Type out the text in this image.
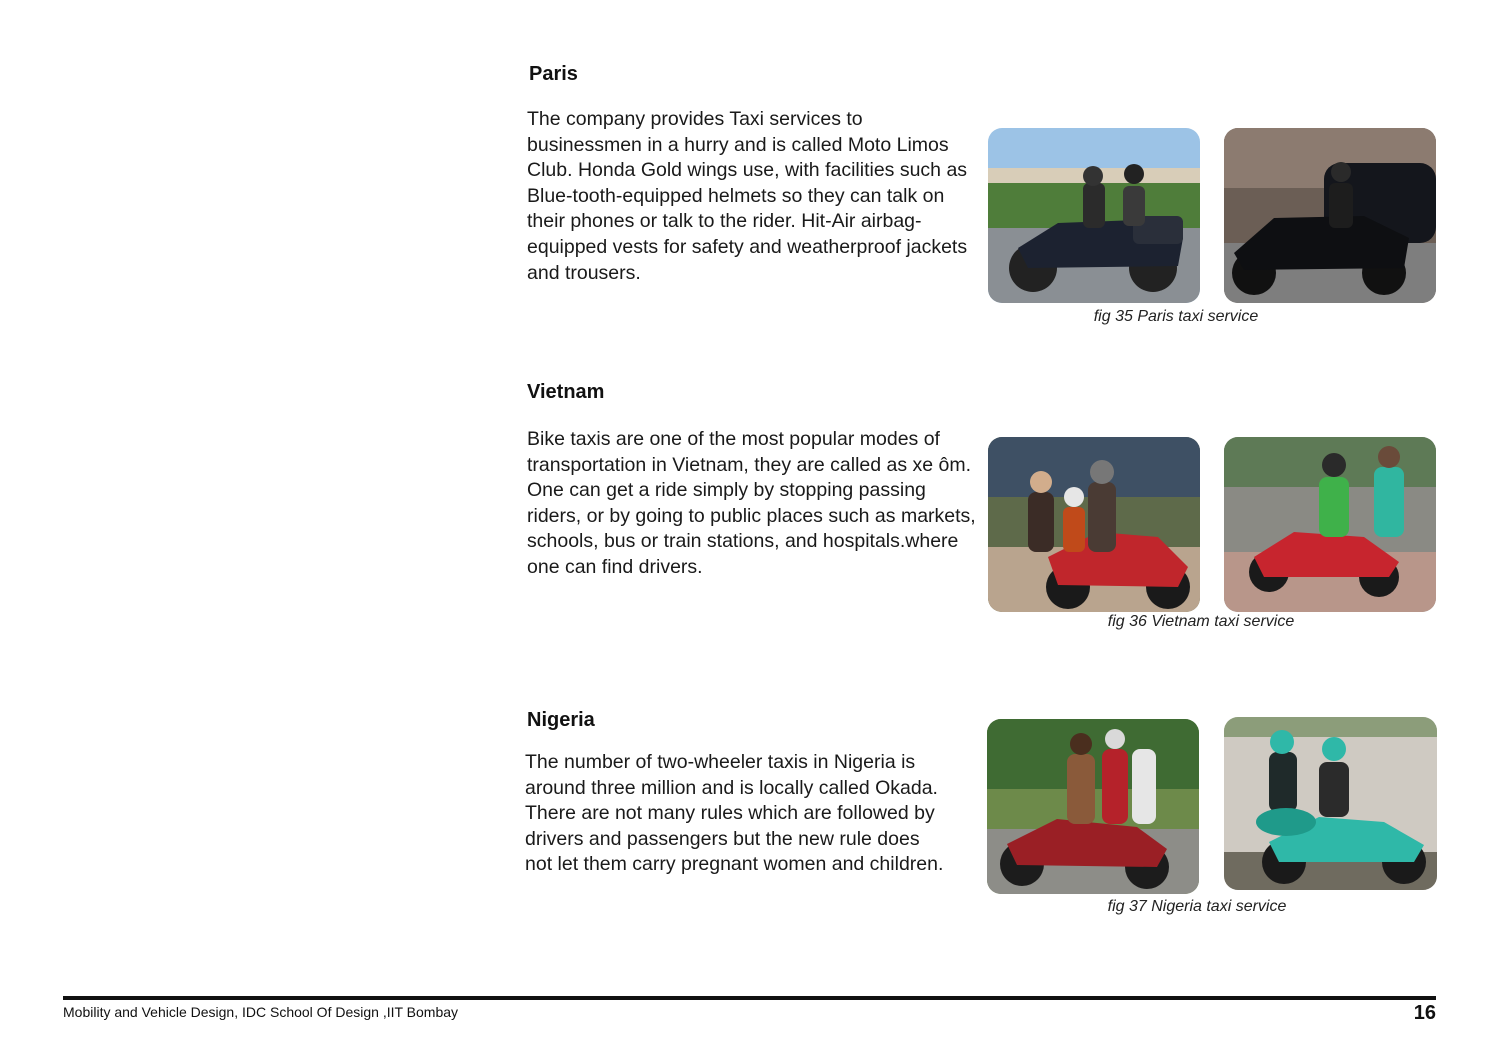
Paris

The company provides Taxi services to businessmen in a hurry and is called Moto Limos Club. Honda Gold wings use, with facilities such as Blue-tooth-equipped helmets so they can talk on their phones or talk to the rider. Hit-Air airbag-equipped vests for safety and weatherproof jackets and trousers.

fig 35 Paris taxi service
Vietnam

Bike taxis are one of the most popular modes of transportation in Vietnam, they are called as xe ôm. One can get a ride simply by stopping passing riders, or by going to public places such as markets, schools, bus or train stations, and hospitals.where one can find drivers.

fig 36 Vietnam taxi service
Nigeria

The number of two-wheeler taxis in Nigeria is around three million and is locally called Okada. There are not many rules which are followed by drivers and passengers but the new rule does not let them carry pregnant women and children.

fig 37 Nigeria taxi service
Mobility and Vehicle Design, IDC School Of Design ,IIT Bombay	16
